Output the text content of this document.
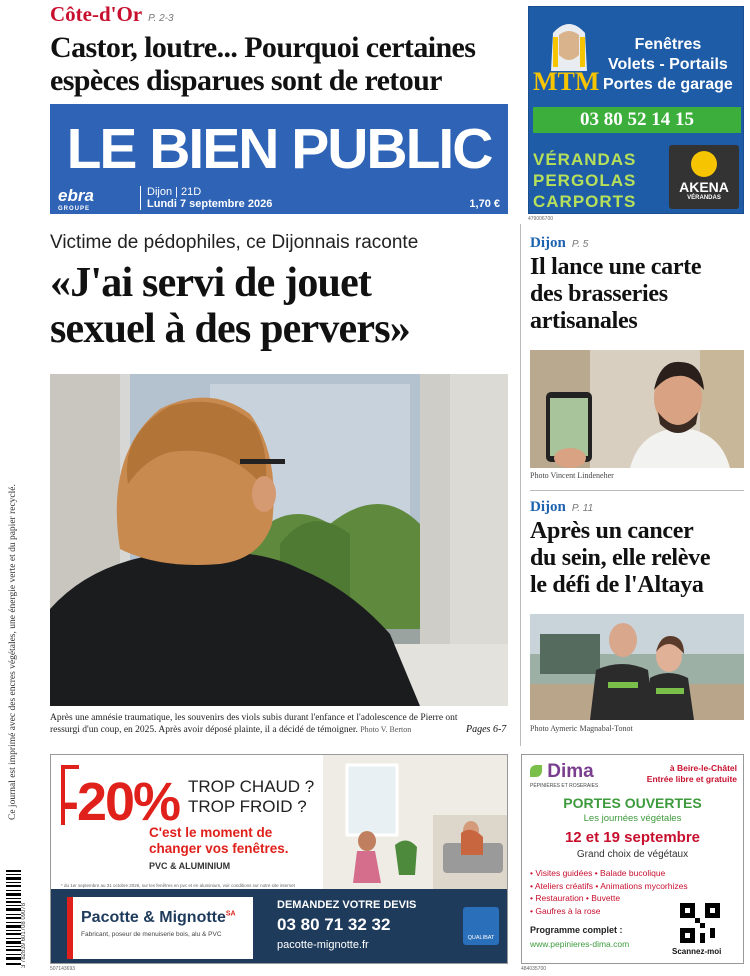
Côte-d'Or P. 2-3
Castor, loutre... Pourquoi certaines
espèces disparues sont de retour
LE BIEN PUBLIC
ebra
GROUPE
Dijon | 21D
Lundi 7 septembre 2026	1,70 €
Victime de pédophiles, ce Dijonnais raconte
«J'ai servi de jouet
sexuel à des pervers»
Après une amnésie traumatique, les souvenirs des viols subis durant l'enfance et l'adolescence de Pierre ont
ressurgi d'un coup, en 2025. Après avoir déposé plainte, il a décidé de témoigner. Photo V. Berton	Pages 6-7
MTM
Fenêtres
Volets - Portails
Portes de garage
03 80 52 14 15
VÉRANDAS
PERGOLAS
CARPORTS
AKENA
VÉRANDAS
479006700
Dijon P. 5
Il lance une carte
des brasseries
artisanales
Photo Vincent Lindeneher
Dijon P. 11
Après un cancer
du sein, elle relève
le défi de l'Altaya
Photo Aymeric Magnabal-Tonot
-20% TROP CHAUD ?
TROP FROID ?
C'est le moment de
changer vos fenêtres.
PVC & ALUMINIUM
* du 1er septembre au 31 octobre 2026, sur les fenêtres en pvc et en aluminium, voir conditions sur notre site internet
Pacotte & Mignotte$^{SA}$
Fabricant, poseur de menuiserie bois, alu & PVC
DEMANDEZ VOTRE DEVIS
03 80 71 32 32
pacotte-mignotte.fr
QUALIBAT
507143693
Dima
PÉPINIÈRES ET ROSERAIES
à Beire-le-Châtel
Entrée libre et gratuite
PORTES OUVERTES
Les journées végétales
12 et 19 septembre
Grand choix de végétaux
• Visites guidées • Balade bucolique
• Ateliers créatifs • Animations mycorhizes
• Restauration • Buvette
• Gaufres à la rose
Programme complet :
www.pepinieres-dima.com
Scannez-moi
484035700
Ce journal est imprimé avec des encres végétales, une énergie verte et du papier recyclé.
3 782839 601708 09078
